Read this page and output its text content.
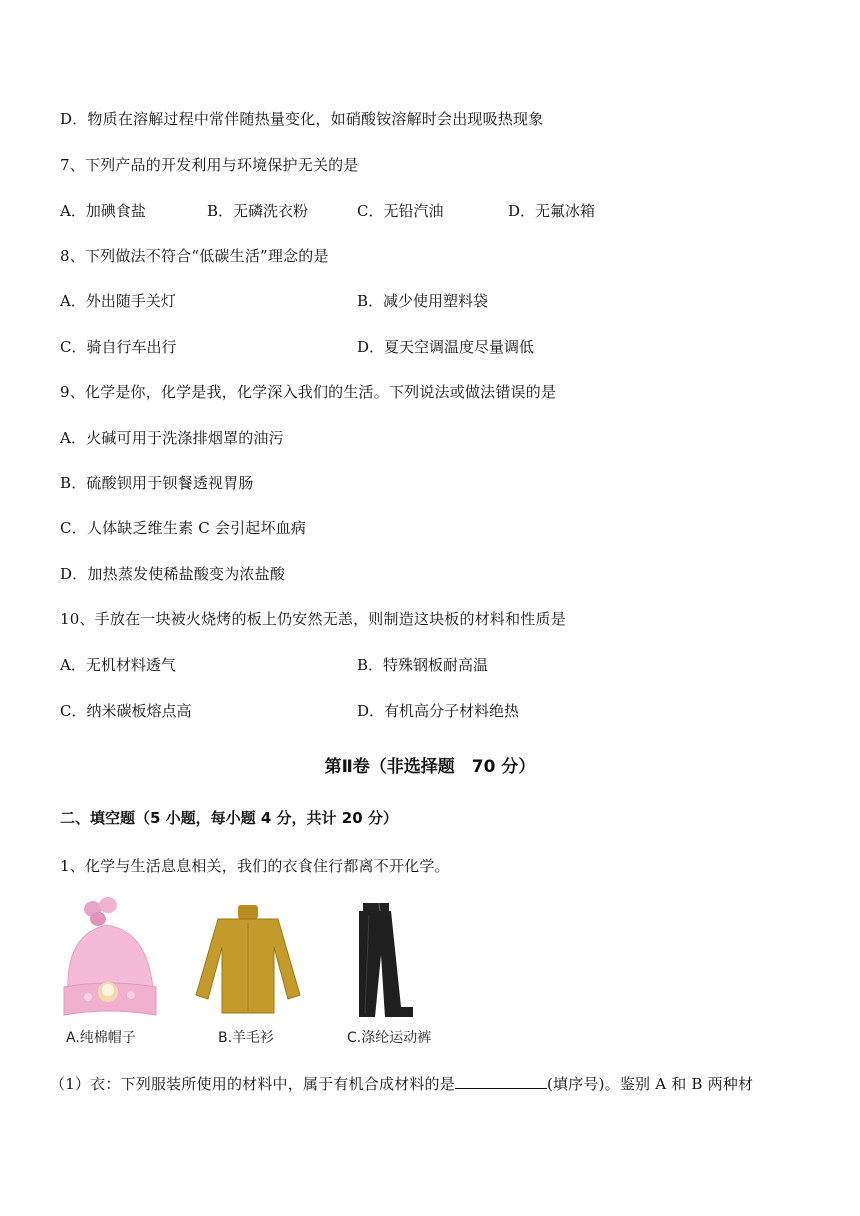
D．物质在溶解过程中常伴随热量变化，如硝酸铵溶解时会出现吸热现象
7、下列产品的开发利用与环境保护无关的是
A．加碘食盐	B．无磷洗衣粉	C．无铅汽油	D．无氟冰箱
8、下列做法不符合“低碳生活”理念的是
A．外出随手关灯	B．减少使用塑料袋
C．骑自行车出行	D．夏天空调温度尽量调低
9、化学是你，化学是我，化学深入我们的生活。下列说法或做法错误的是
A．火碱可用于洗涤排烟罩的油污
B．硫酸钡用于钡餐透视胃肠
C．人体缺乏维生素 C 会引起坏血病
D．加热蒸发使稀盐酸变为浓盐酸
10、手放在一块被火烧烤的板上仍安然无恙，则制造这块板的材料和性质是
A．无机材料透气	B．特殊钢板耐高温
C．纳米碳板熔点高	D．有机高分子材料绝热
第Ⅱ卷（非选择题　70 分）
二、填空题（5 小题，每小题 4 分，共计 20 分）
1、化学与生活息息相关，我们的衣食住行都离不开化学。
A.纯棉帽子	B.羊毛衫	C.涤纶运动裤
（1）衣：下列服装所使用的材料中，属于有机合成材料的是	(填序号)。鉴别 A 和 B 两种材
